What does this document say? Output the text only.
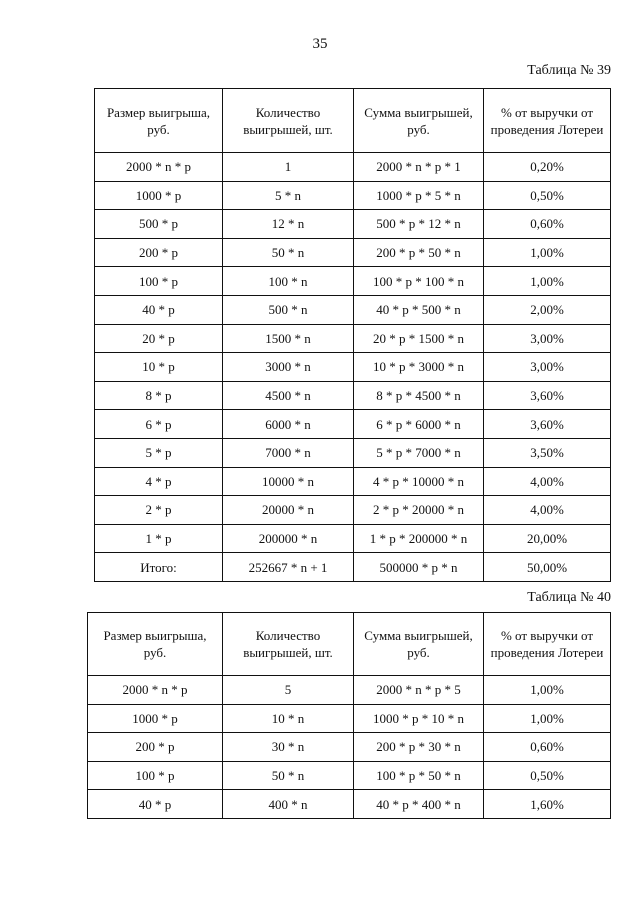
35
Таблица № 39
Размер выигрыша, руб.	Количество выигрышей, шт.	Сумма выигрышей, руб.	% от выручки от проведения Лотереи
2000 * n * p	1	2000 * n * p * 1	0,20%
1000 * p	5 * n	1000 * p * 5 * n	0,50%
500 * p	12 * n	500 * p * 12 * n	0,60%
200 * p	50 * n	200 * p * 50 * n	1,00%
100 * p	100 * n	100 * p * 100 * n	1,00%
40 * p	500 * n	40 * p * 500 * n	2,00%
20 * p	1500 * n	20 * p * 1500 * n	3,00%
10 * p	3000 * n	10 * p * 3000 * n	3,00%
8 * p	4500 * n	8 * p * 4500 * n	3,60%
6 * p	6000 * n	6 * p * 6000 * n	3,60%
5 * p	7000 * n	5 * p * 7000 * n	3,50%
4 * p	10000 * n	4 * p * 10000 * n	4,00%
2 * p	20000 * n	2 * p * 20000 * n	4,00%
1 * p	200000 * n	1 * p * 200000 * n	20,00%
Итого:	252667 * n + 1	500000 * p * n	50,00%
Таблица № 40
Размер выигрыша, руб.	Количество выигрышей, шт.	Сумма выигрышей, руб.	% от выручки от проведения Лотереи
2000 * n * p	5	2000 * n * p * 5	1,00%
1000 * p	10 * n	1000 * p * 10 * n	1,00%
200 * p	30 * n	200 * p * 30 * n	0,60%
100 * p	50 * n	100 * p * 50 * n	0,50%
40 * p	400 * n	40 * p * 400 * n	1,60%
